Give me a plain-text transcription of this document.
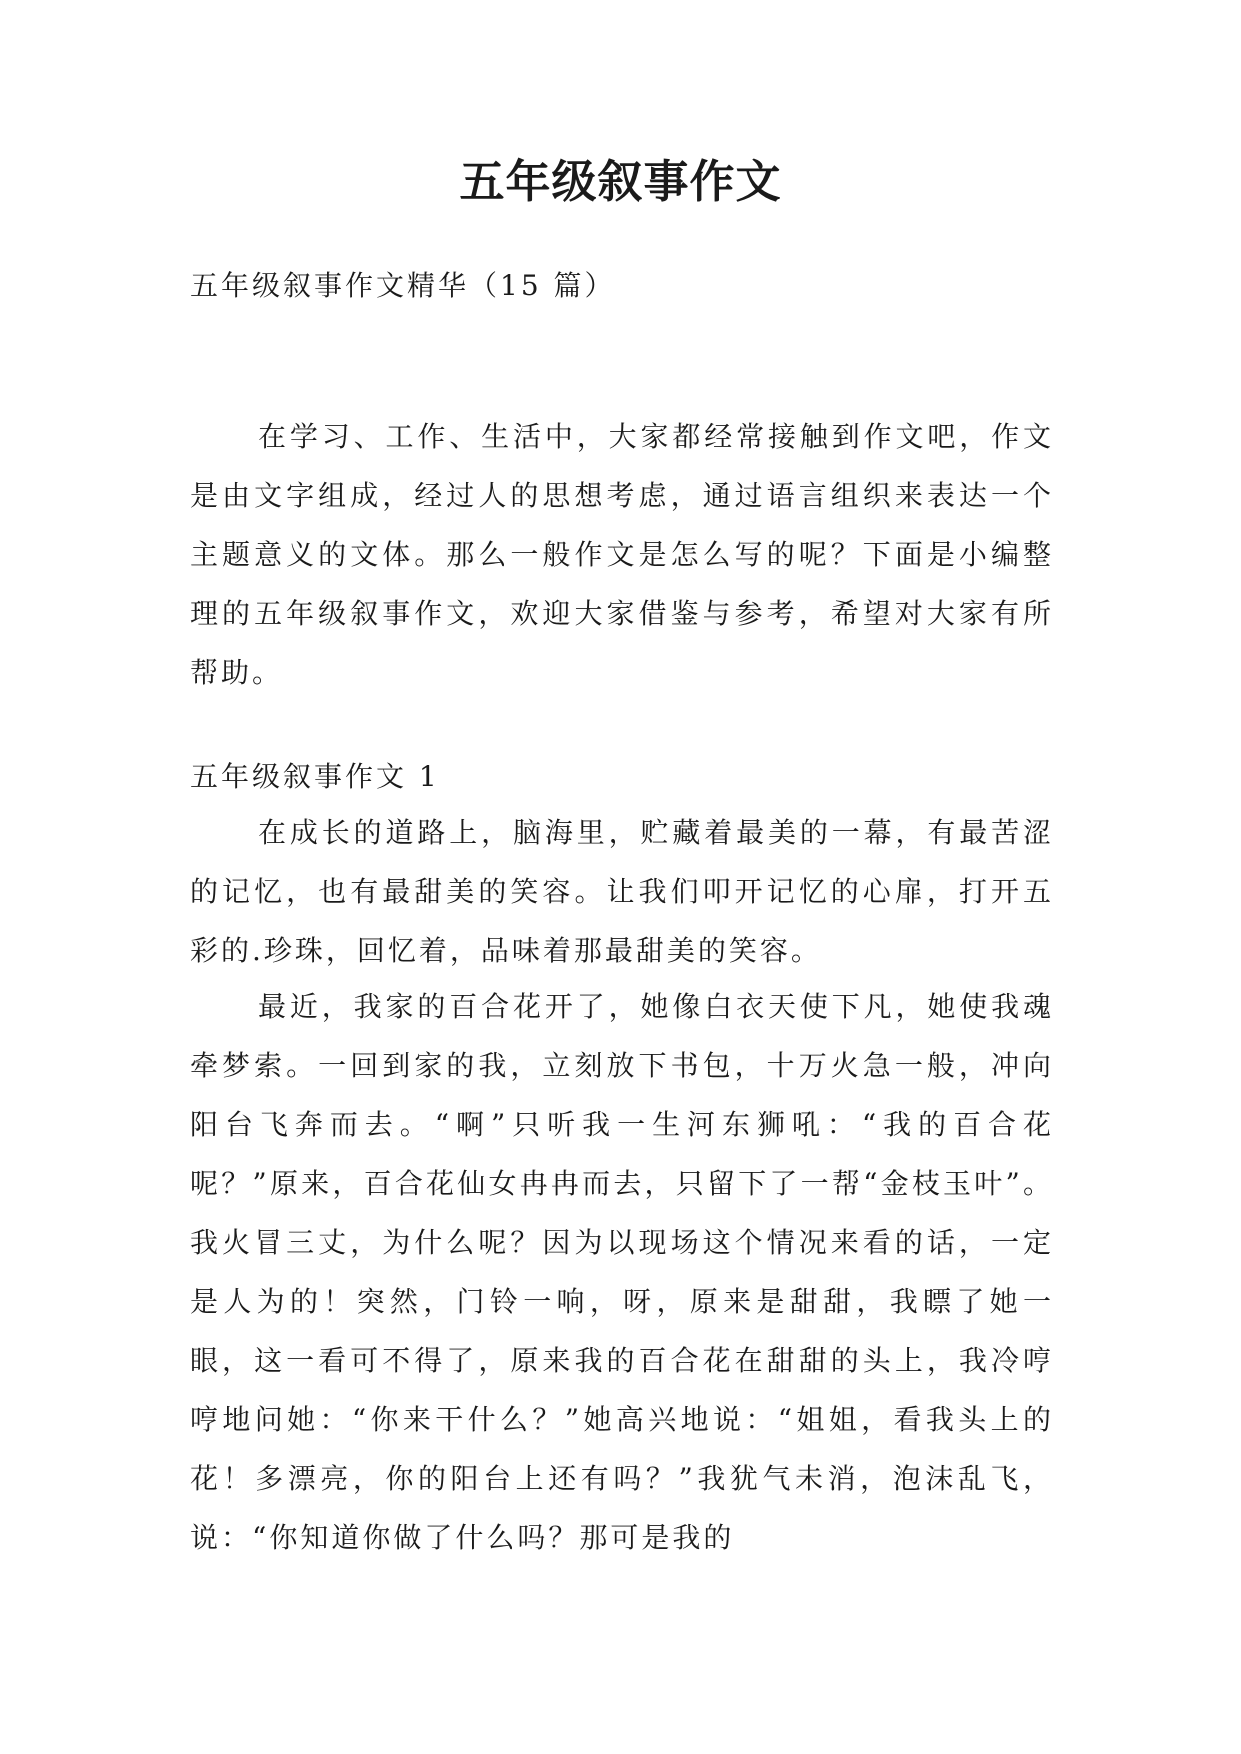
五年级叙事作文

五年级叙事作文精华（15 篇）

在学习、工作、生活中，大家都经常接触到作文吧，作文是由文字组成，经过人的思想考虑，通过语言组织来表达一个主题意义的文体。那么一般作文是怎么写的呢？下面是小编整理的五年级叙事作文，欢迎大家借鉴与参考，希望对大家有所帮助。

五年级叙事作文 1

在成长的道路上，脑海里，贮藏着最美的一幕，有最苦涩的记忆，也有最甜美的笑容。让我们叩开记忆的心扉，打开五彩的.珍珠，回忆着，品味着那最甜美的笑容。

最近，我家的百合花开了，她像白衣天使下凡，她使我魂牵梦索。一回到家的我，立刻放下书包，十万火急一般，冲向阳台飞奔而去。“啊”只听我一生河东狮吼：“我的百合花呢？”原来，百合花仙女冉冉而去，只留下了一帮“金枝玉叶”。我火冒三丈，为什么呢？因为以现场这个情况来看的话，一定是人为的！突然，门铃一响，呀，原来是甜甜，我瞟了她一眼，这一看可不得了，原来我的百合花在甜甜的头上，我冷哼哼地问她：“你来干什么？”她高兴地说：“姐姐，看我头上的花！多漂亮，你的阳台上还有吗？”我犹气未消，泡沫乱飞，说：“你知道你做了什么吗？那可是我的
